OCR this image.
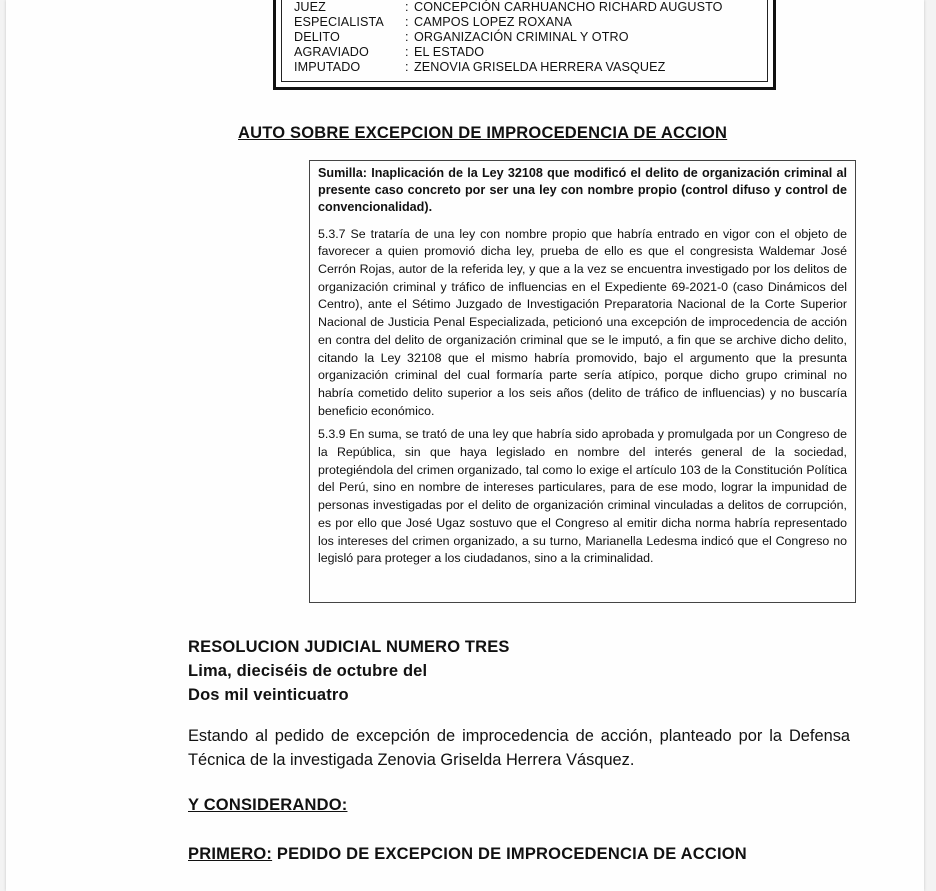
JUEZ	: CONCEPCIÓN CARHUANCHO RICHARD AUGUSTO
ESPECIALISTA : CAMPOS LOPEZ ROXANA
DELITO	: ORGANIZACIÓN CRIMINAL Y OTRO
AGRAVIADO	: EL ESTADO
IMPUTADO	: ZENOVIA GRISELDA HERRERA VASQUEZ
AUTO SOBRE EXCEPCION DE IMPROCEDENCIA DE ACCION

Sumilla: Inaplicación de la Ley 32108 que modificó el delito de organización criminal al presente caso concreto por ser una ley con nombre propio (control difuso y control de convencionalidad).

5.3.7 Se trataría de una ley con nombre propio que habría entrado en vigor con el objeto de favorecer a quien promovió dicha ley, prueba de ello es que el congresista Waldemar José Cerrón Rojas, autor de la referida ley, y que a la vez se encuentra investigado por los delitos de organización criminal y tráfico de influencias en el Expediente 69-2021-0 (caso Dinámicos del Centro), ante el Sétimo Juzgado de Investigación Preparatoria Nacional de la Corte Superior Nacional de Justicia Penal Especializada, peticionó una excepción de improcedencia de acción en contra del delito de organización criminal que se le imputó, a fin que se archive dicho delito, citando la Ley 32108 que el mismo habría promovido, bajo el argumento que la presunta organización criminal del cual formaría parte sería atípico, porque dicho grupo criminal no habría cometido delito superior a los seis años (delito de tráfico de influencias) y no buscaría beneficio económico.

5.3.9 En suma, se trató de una ley que habría sido aprobada y promulgada por un Congreso de la República, sin que haya legislado en nombre del interés general de la sociedad, protegiéndola del crimen organizado, tal como lo exige el artículo 103 de la Constitución Política del Perú, sino en nombre de intereses particulares, para de ese modo, lograr la impunidad de personas investigadas por el delito de organización criminal vinculadas a delitos de corrupción, es por ello que José Ugaz sostuvo que el Congreso al emitir dicha norma habría representado los intereses del crimen organizado, a su turno, Marianella Ledesma indicó que el Congreso no legisló para proteger a los ciudadanos, sino a la criminalidad.

RESOLUCION JUDICIAL NUMERO TRES
Lima, dieciséis de octubre del
Dos mil veinticuatro
Estando al pedido de excepción de improcedencia de acción, planteado por la Defensa Técnica de la investigada Zenovia Griselda Herrera Vásquez.
Y CONSIDERANDO:
PRIMERO: PEDIDO DE EXCEPCION DE IMPROCEDENCIA DE ACCION
